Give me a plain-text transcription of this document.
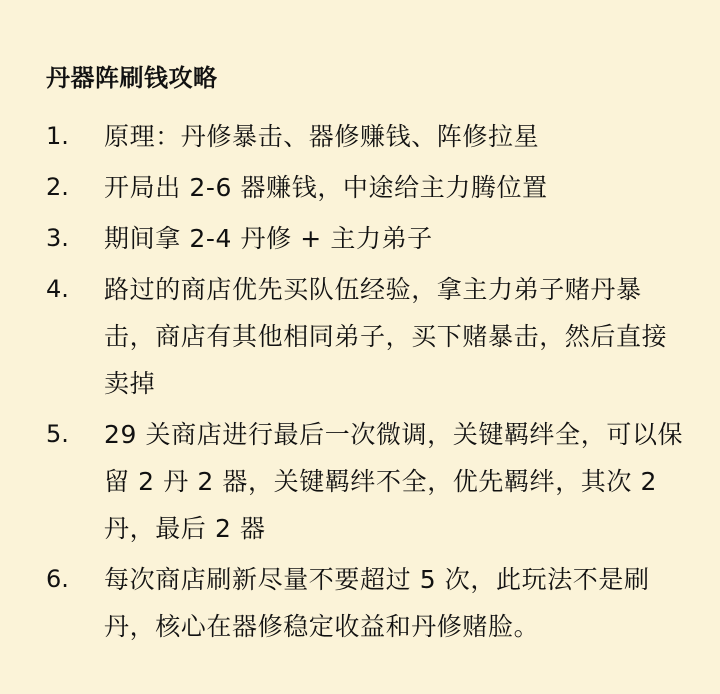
丹器阵刷钱攻略
1. 原理：丹修暴击、器修赚钱、阵修拉星
2. 开局出 2-6 器赚钱，中途给主力腾位置
3. 期间拿 2-4 丹修 + 主力弟子
4. 路过的商店优先买队伍经验，拿主力弟子赌丹暴击，商店有其他相同弟子，买下赌暴击，然后直接卖掉
5. 29 关商店进行最后一次微调，关键羁绊全，可以保留 2 丹 2 器，关键羁绊不全，优先羁绊，其次 2 丹，最后 2 器
6. 每次商店刷新尽量不要超过 5 次，此玩法不是刷丹，核心在器修稳定收益和丹修赌脸。
